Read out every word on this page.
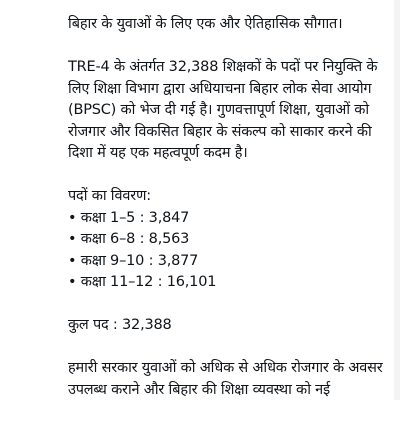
बिहार के युवाओं के लिए एक और ऐतिहासिक सौगात।

TRE-4 के अंतर्गत 32,388 शिक्षकों के पदों पर नियुक्ति के लिए शिक्षा विभाग द्वारा अधियाचना बिहार लोक सेवा आयोग (BPSC) को भेज दी गई है। गुणवत्तापूर्ण शिक्षा, युवाओं को रोजगार और विकसित बिहार के संकल्प को साकार करने की दिशा में यह एक महत्वपूर्ण कदम है।

पदों का विवरण:

• कक्षा 1–5 : 3,847
• कक्षा 6–8 : 8,563
• कक्षा 9–10 : 3,877
• कक्षा 11–12 : 16,101

कुल पद : 32,388

हमारी सरकार युवाओं को अधिक से अधिक रोजगार के अवसर उपलब्ध कराने और बिहार की शिक्षा व्यवस्था को नई
